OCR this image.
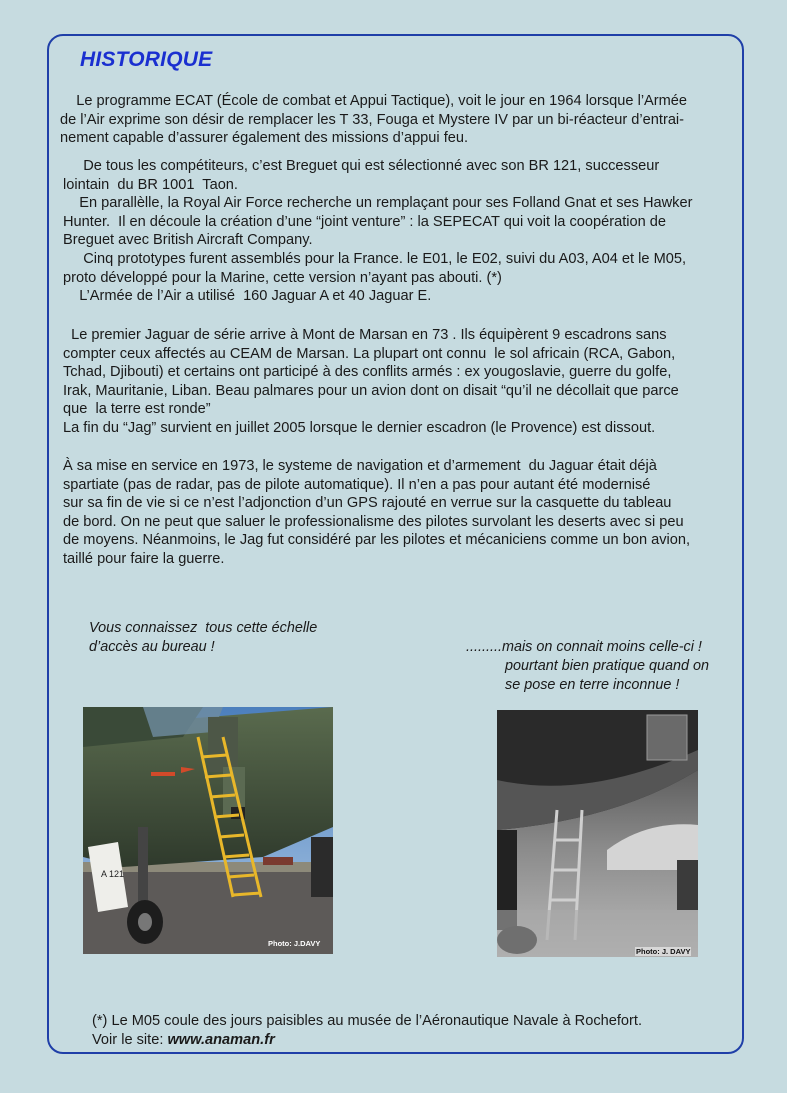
HISTORIQUE

Le programme ECAT (École de combat et Appui Tactique), voit le jour en 1964 lorsque l’Armée
de l’Air exprime son désir de remplacer les T 33, Fouga et Mystere IV par un bi-réacteur d’entrai-
nement capable d’assurer également des missions d’appui feu.

De tous les compétiteurs, c’est Breguet qui est sélectionné avec son BR 121, successeur
lointain  du BR 1001  Taon.
En parallèlle, la Royal Air Force recherche un remplaçant pour ses Folland Gnat et ses Hawker
Hunter.  Il en découle la création d’une “joint venture” : la SEPECAT qui voit la coopération de
Breguet avec British Aircraft Company.
Cinq prototypes furent assemblés pour la France. le E01, le E02, suivi du A03, A04 et le M05,
proto développé pour la Marine, cette version n’ayant pas abouti. (*)
L’Armée de l’Air a utilisé  160 Jaguar A et 40 Jaguar E.

Le premier Jaguar de série arrive à Mont de Marsan en 73 . Ils équipèrent 9 escadrons sans
compter ceux affectés au CEAM de Marsan. La plupart ont connu  le sol africain (RCA, Gabon,
Tchad, Djibouti) et certains ont participé à des conflits armés : ex yougoslavie, guerre du golfe,
Irak, Mauritanie, Liban. Beau palmares pour un avion dont on disait “qu’il ne décollait que parce
que  la terre est ronde”
La fin du “Jag” survient en juillet 2005 lorsque le dernier escadron (le Provence) est dissout.

À sa mise en service en 1973, le systeme de navigation et d’armement  du Jaguar était déjà
spartiate (pas de radar, pas de pilote automatique). Il n’en a pas pour autant été modernisé
sur sa fin de vie si ce n’est l’adjonction d’un GPS rajouté en verrue sur la casquette du tableau
de bord. On ne peut que saluer le professionalisme des pilotes survolant les deserts avec si peu
de moyens. Néanmoins, le Jag fut considéré par les pilotes et mécaniciens comme un bon avion,
taillé pour faire la guerre.

Vous connaissez  tous cette échelle
d’accès au bureau !	.........mais on connait moins celle-ci !

pourtant bien pratique quand on
se pose en terre inconnue !

A 121
Photo: J.DAVY
Photo: J. DAVY
(*) Le M05 coule des jours paisibles au musée de l’Aéronautique Navale à Rochefort.
Voir le site: www.anaman.fr
